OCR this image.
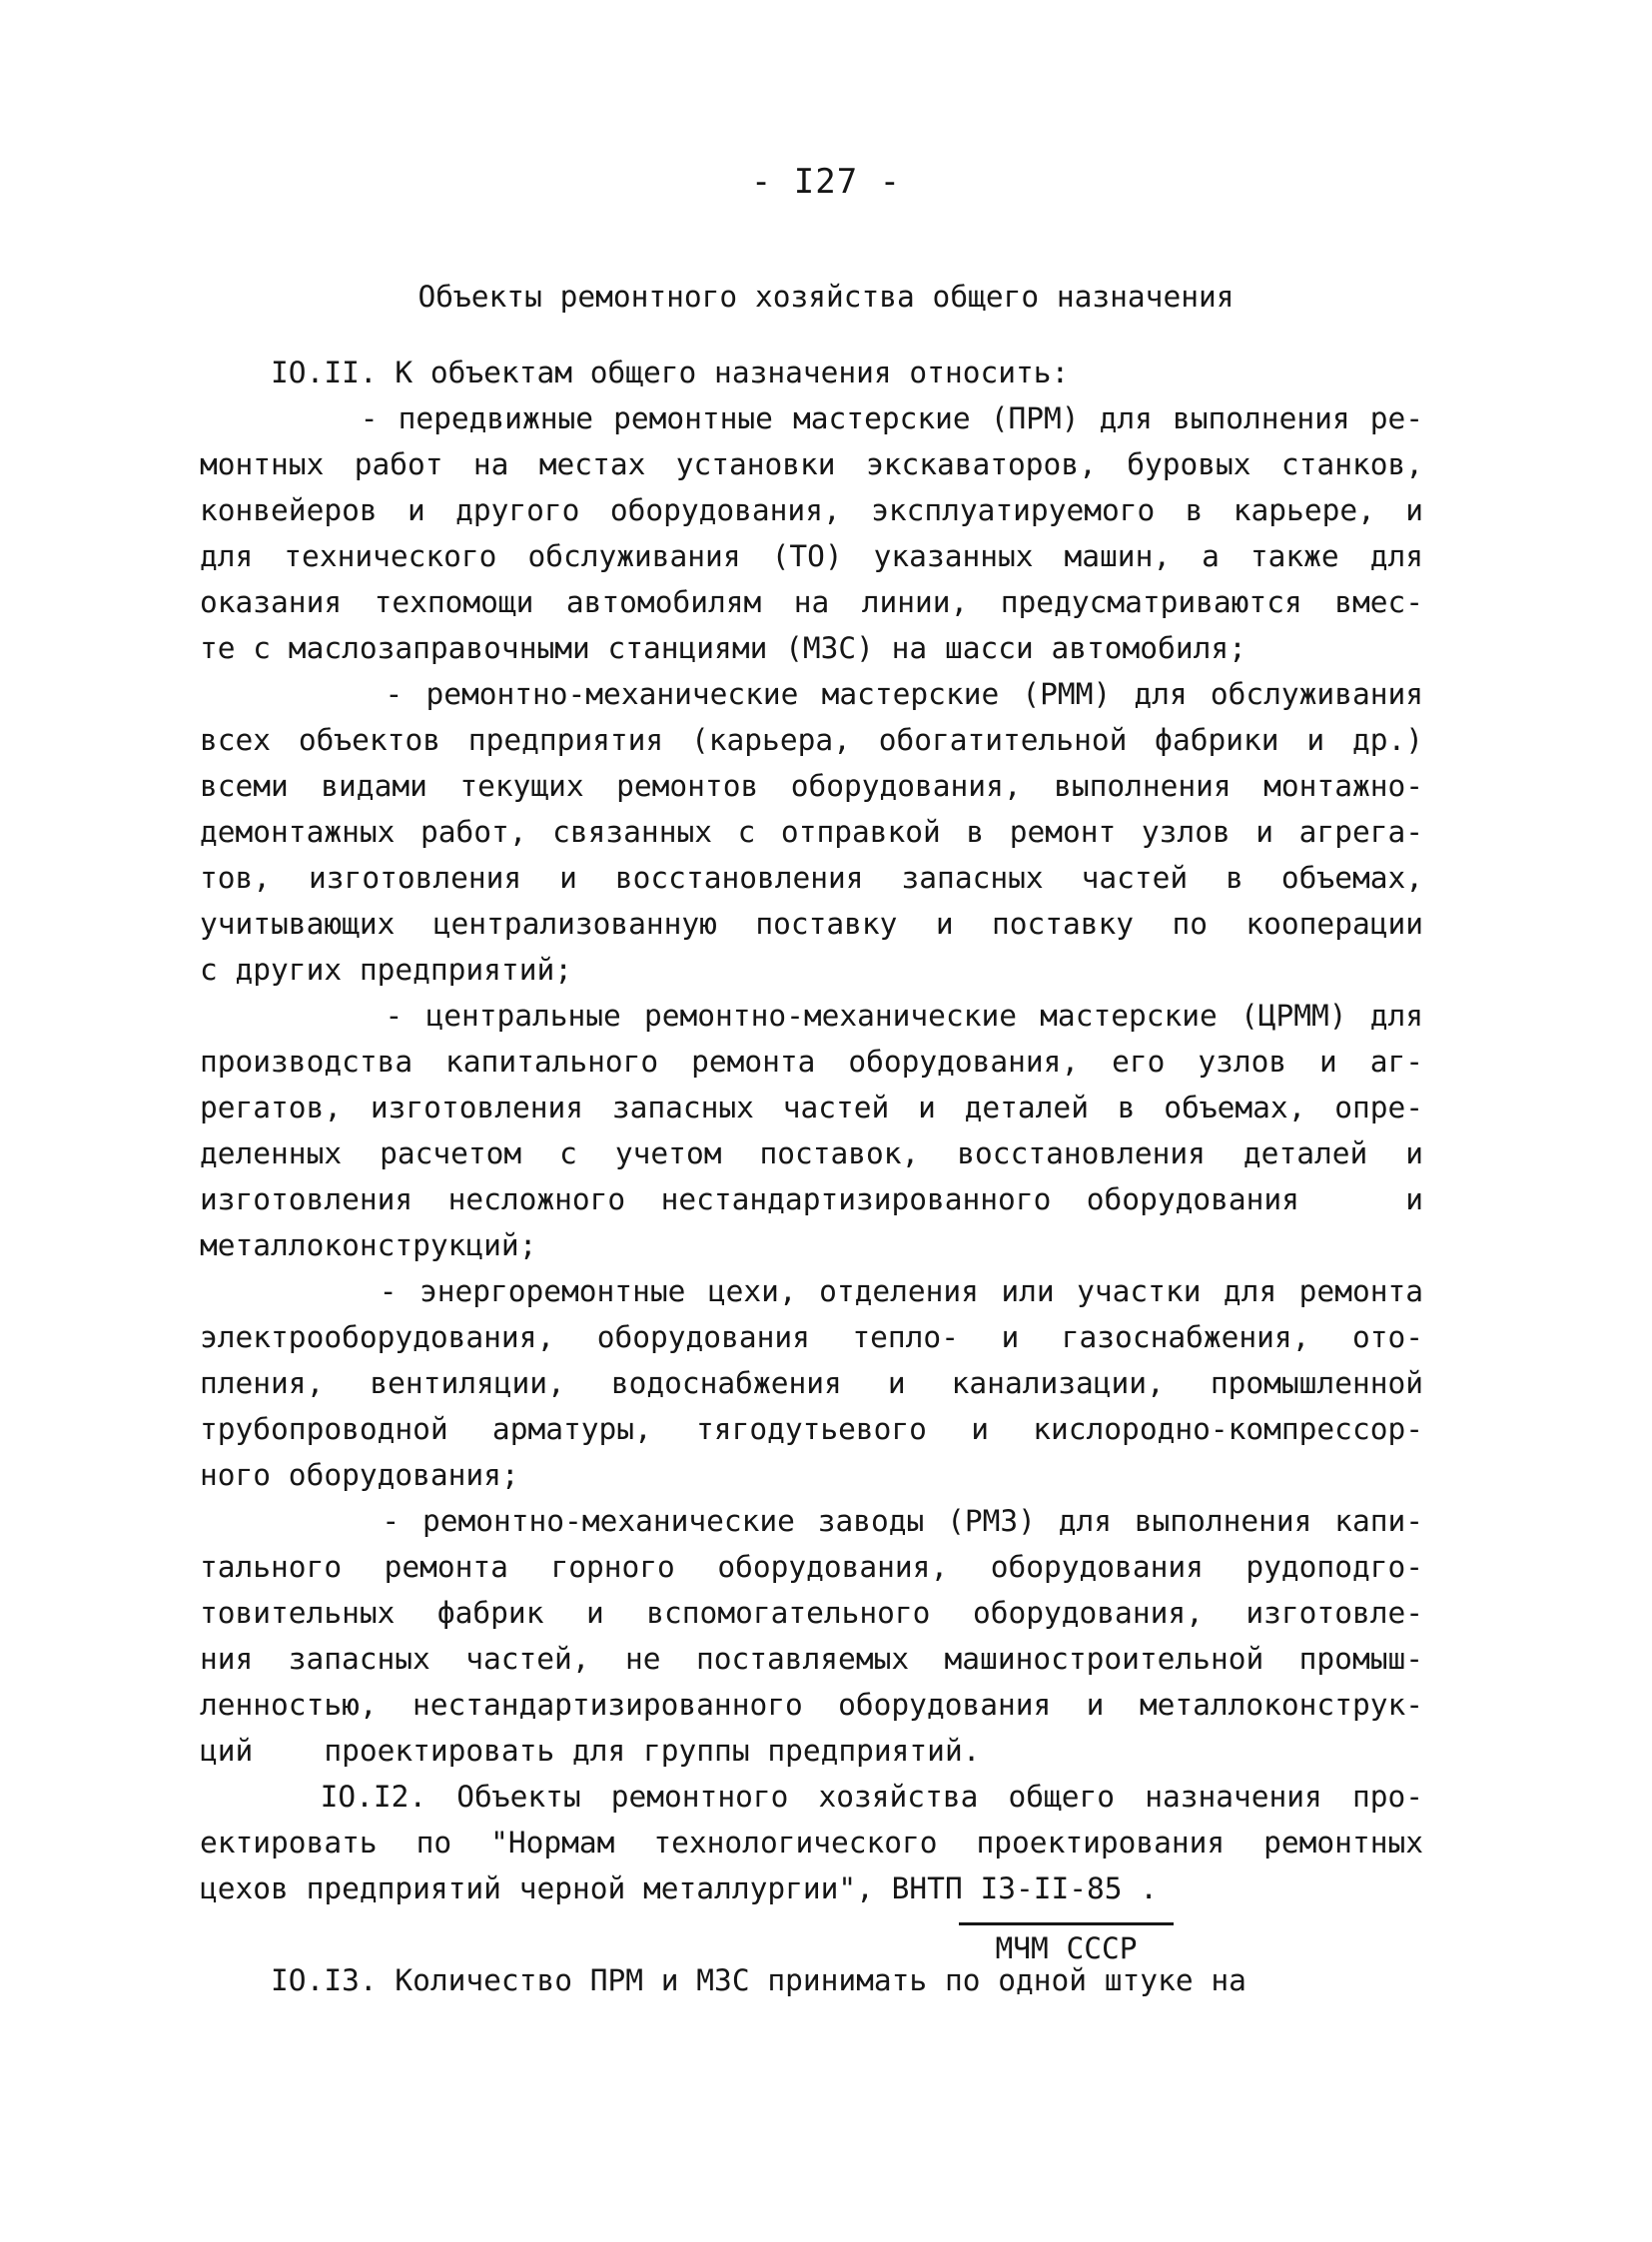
- I27 -
Объекты ремонтного хозяйства общего назначения
IO.II. К объектам общего назначения относить:
- передвижные ремонтные мастерские (ПРМ) для выполнения ре-
монтных работ на местах установки экскаваторов, буровых станков,
конвейеров и другого оборудования, эксплуатируемого в карьере, и
для технического обслуживания (ТО) указанных машин, а также для
оказания техпомощи автомобилям на линии, предусматриваются вмес-
те с маслозаправочными станциями (МЗС) на шасси автомобиля;
- ремонтно-механические мастерские (РММ) для обслуживания
всех объектов предприятия (карьера, обогатительной фабрики и др.)
всеми видами текущих ремонтов оборудования, выполнения монтажно-
демонтажных работ, связанных с отправкой в ремонт узлов и агрега-
тов, изготовления и восстановления запасных частей в объемах,
учитывающих централизованную поставку и поставку по кооперации
с других предприятий;
- центральные ремонтно-механические мастерские (ЦРММ) для
производства капитального ремонта оборудования, его узлов и аг-
регатов, изготовления запасных частей и деталей в объемах, опре-
деленных расчетом с учетом поставок, восстановления деталей и
изготовления несложного нестандартизированного оборудования   и
металлоконструкций;
- энергоремонтные цехи, отделения или участки для ремонта
электрооборудования, оборудования тепло- и газоснабжения, ото-
пления, вентиляции, водоснабжения и канализации, промышленной
трубопроводной арматуры, тягодутьевого и кислородно-компрессор-
ного оборудования;
- ремонтно-механические заводы (РМЗ) для выполнения капи-
тального ремонта горного оборудования, оборудования рудоподго-
товительных фабрик и вспомогательного оборудования, изготовле-
ния запасных частей, не поставляемых машиностроительной промыш-
ленностью, нестандартизированного оборудования и металлоконструк-
ций    проектировать для группы предприятий.
IO.I2. Объекты ремонтного хозяйства общего назначения про-
ектировать по "Нормам технологического проектирования ремонтных
цехов предприятий черной металлургии", ВНТП I3-II-85 .
IO.I3. Количество ПРМ и МЗС принимать по одной штуке на
МЧМ СССР
